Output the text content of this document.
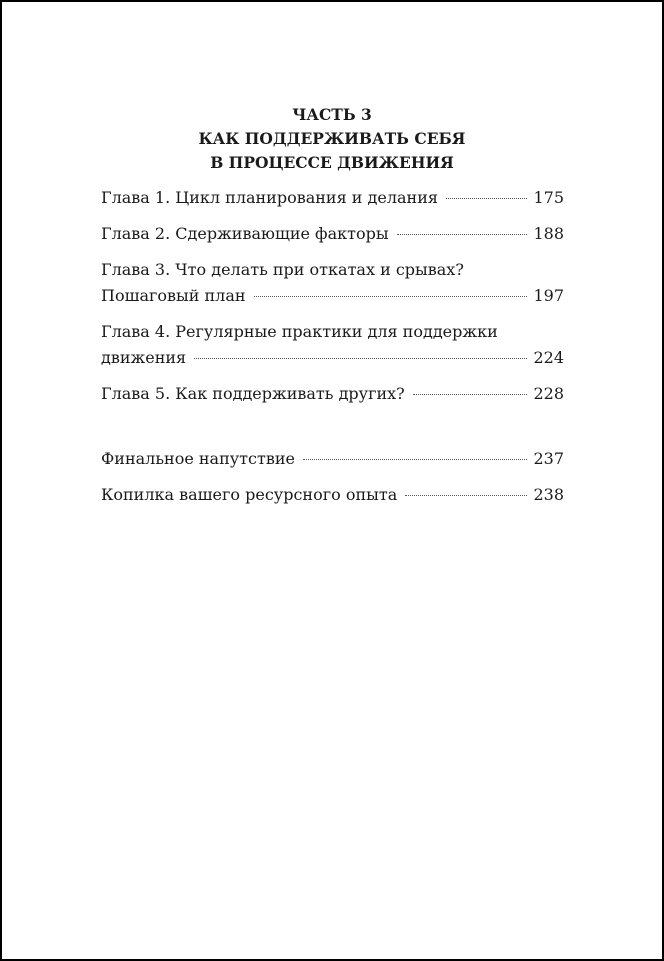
ЧАСТЬ 3
КАК ПОДДЕРЖИВАТЬ СЕБЯ
В ПРОЦЕССЕ ДВИЖЕНИЯ
Глава 1. Цикл планирования и делания	175
Глава 2. Сдерживающие факторы	188
Глава 3. Что делать при откатах и срывах?
Пошаговый план	197
Глава 4. Регулярные практики для поддержки
движения	224
Глава 5. Как поддерживать других?	228
Финальное напутствие	237
Копилка вашего ресурсного опыта	238
